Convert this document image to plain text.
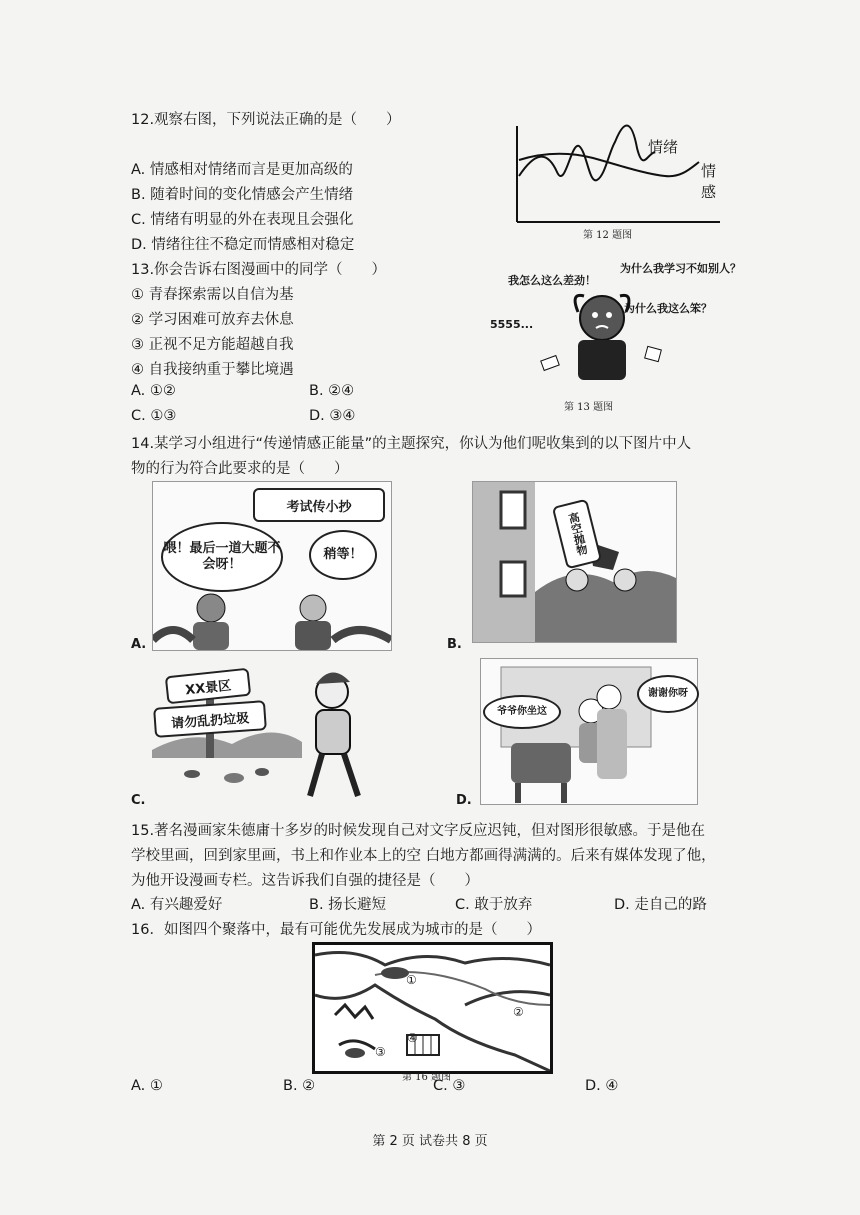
12.观察右图，下列说法正确的是（　　）
A. 情感相对情绪而言是更加高级的
B. 随着时间的变化情感会产生情绪
C. 情绪有明显的外在表现且会强化
D. 情绪往往不稳定而情感相对稳定
情绪
情感
第 12 题图
13.你会告诉右图漫画中的同学（　　）
① 青春探索需以自信为基
② 学习困难可放弃去休息
③ 正视不足方能超越自我
④ 自我接纳重于攀比境遇
A. ①②	B. ②④
C. ①③	D. ③④
我怎么这么差劲！
为什么我学习不如别人？
为什么我这么笨？
5555...
第 13 题图
14.某学习小组进行“传递情感正能量”的主题探究，你认为他们呢收集到的以下图片中人
物的行为符合此要求的是（　　）
A.
考试传小抄
喂！最后一道大题不会呀！
稍等！
B.
高空抛物
C.
XX景区
请勿乱扔垃圾
D.
爷爷你坐这
谢谢你呀
15.著名漫画家朱德庸十多岁的时候发现自己对文字反应迟钝，但对图形很敏感。于是他在
学校里画，回到家里画，书上和作业本上的空 白地方都画得满满的。后来有媒体发现了他，
为他开设漫画专栏。这告诉我们自强的捷径是（　　）
A. 有兴趣爱好	B. 扬长避短	C. 敢于放弃	D. 走自己的路
16．如图四个聚落中，最有可能优先发展成为城市的是（　　）
①
②
③
④
第 16 题图
A. ①	B. ②	C. ③	D. ④
第 2 页 试卷共 8 页
